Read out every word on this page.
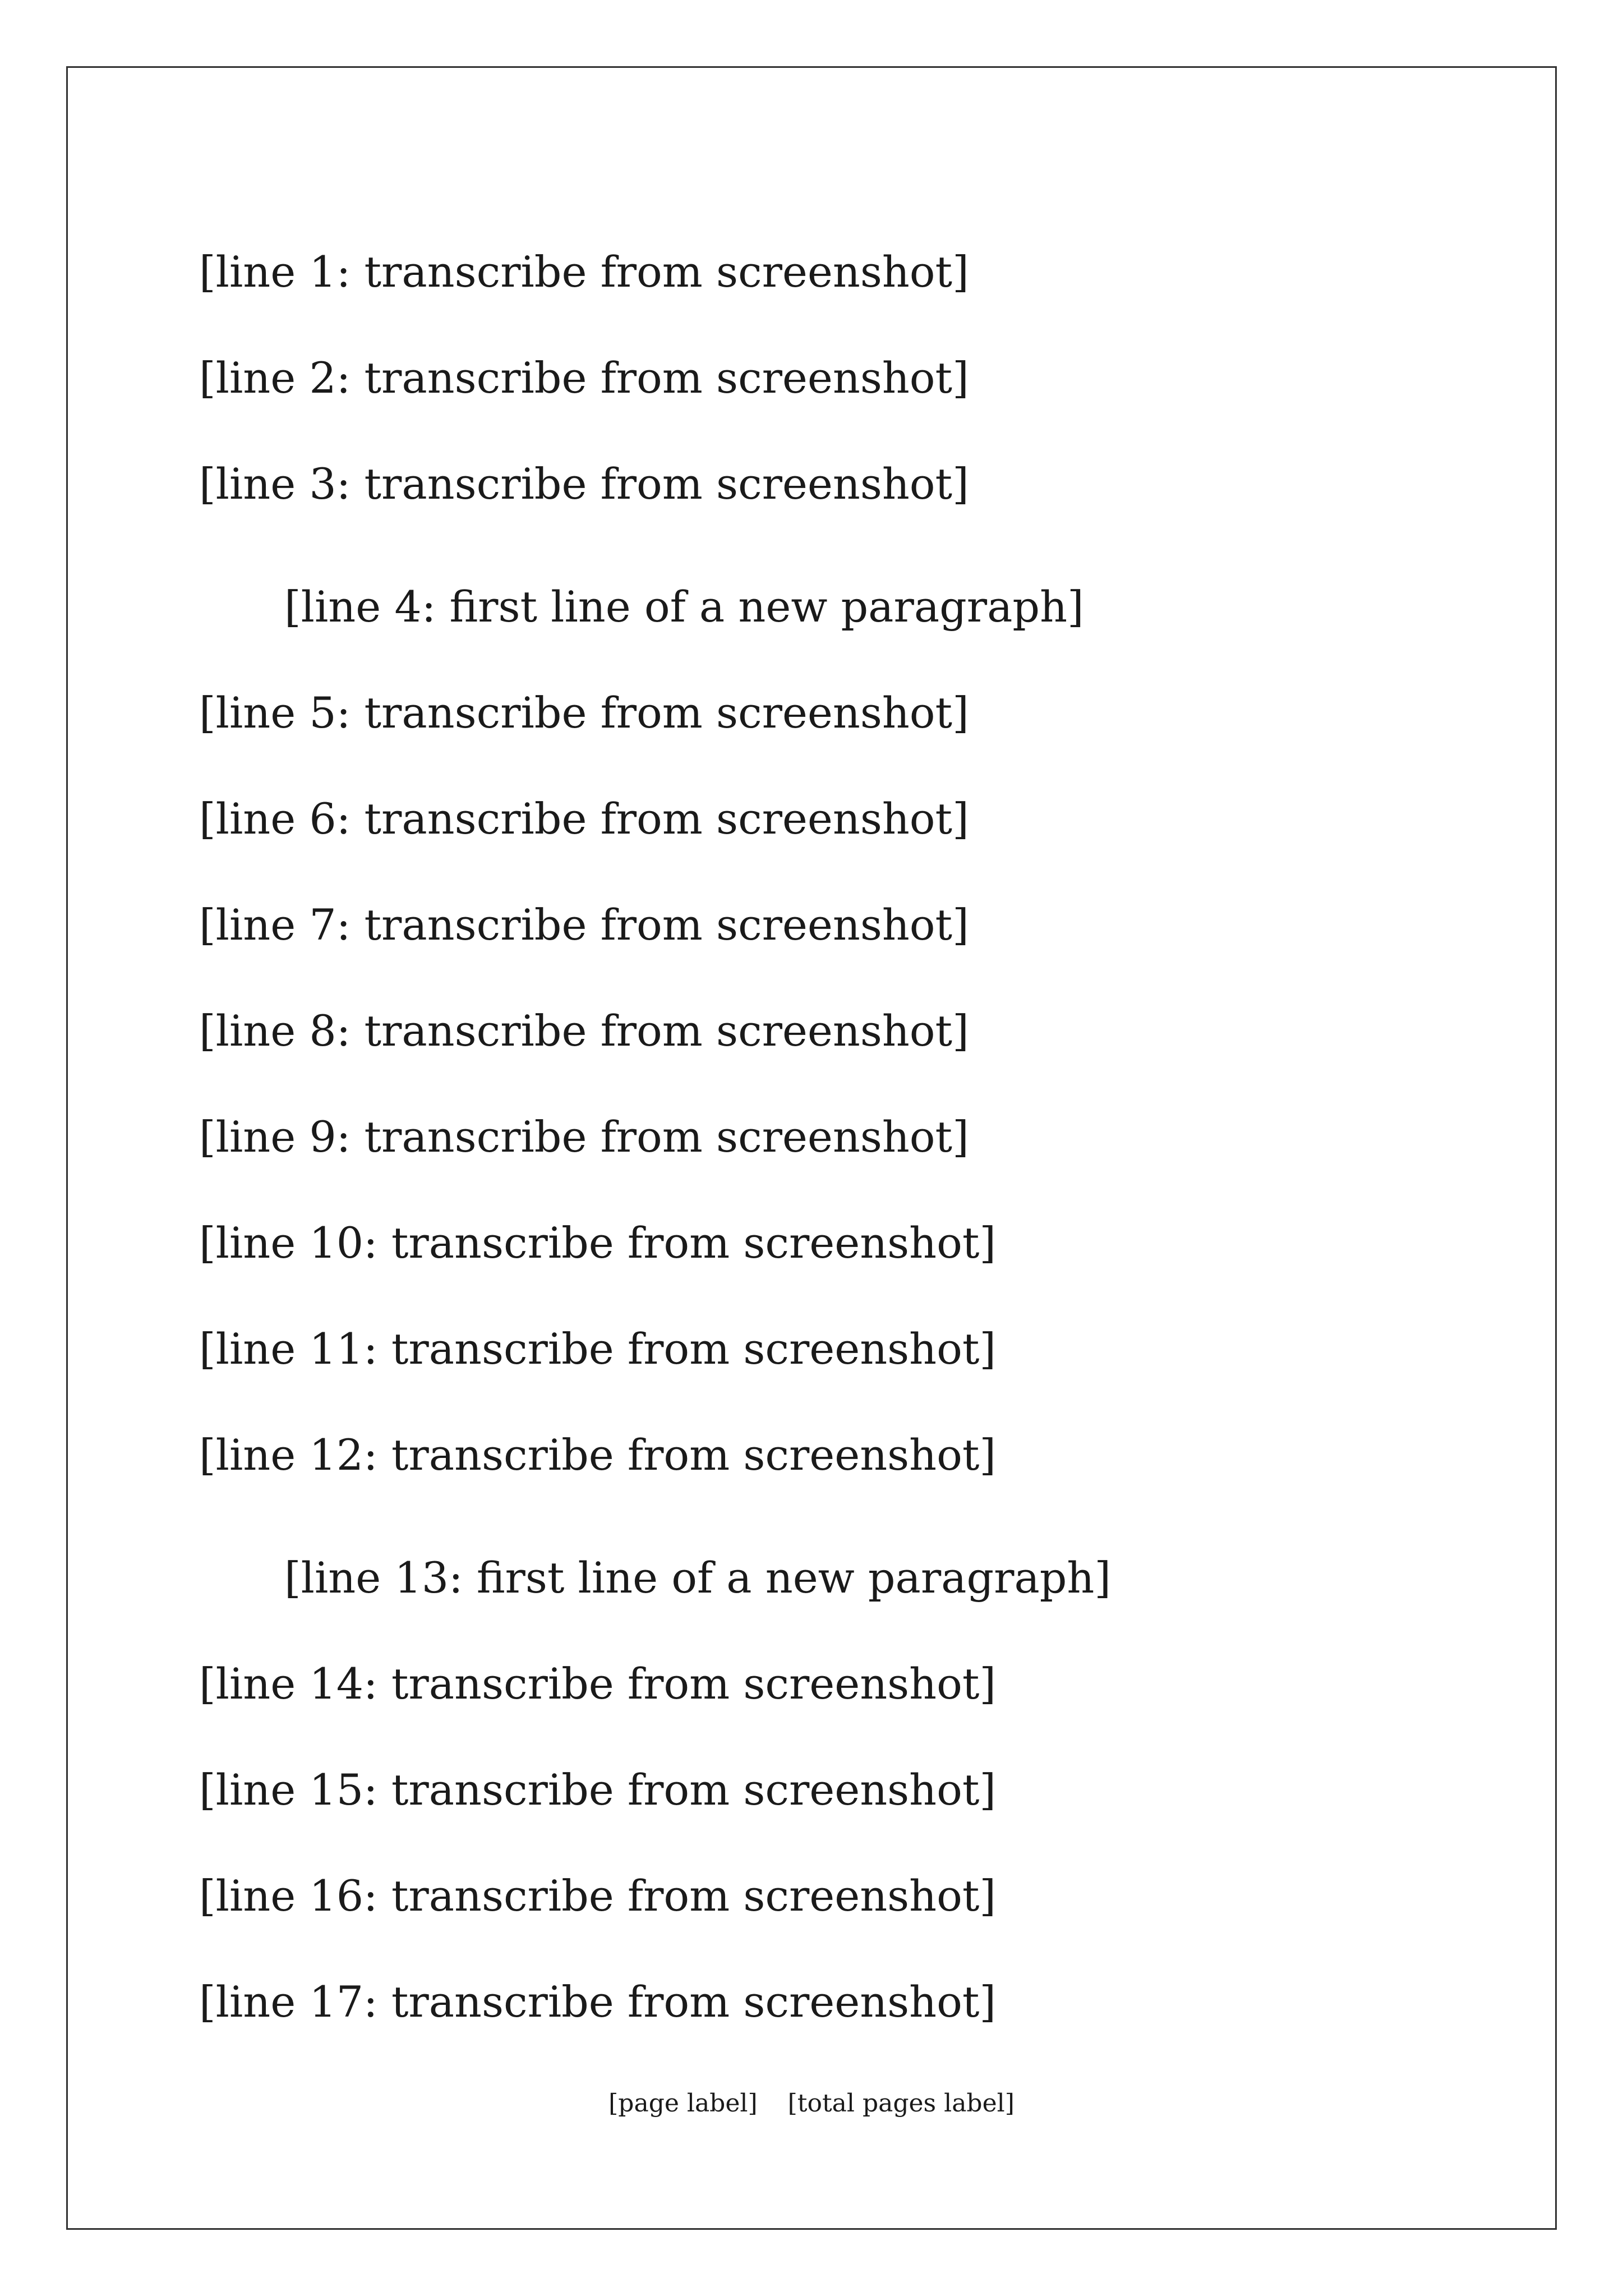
[line 1: transcribe from screenshot]
[line 2: transcribe from screenshot]
[line 3: transcribe from screenshot]
[line 4: first line of a new paragraph]
[line 5: transcribe from screenshot]
[line 6: transcribe from screenshot]
[line 7: transcribe from screenshot]
[line 8: transcribe from screenshot]
[line 9: transcribe from screenshot]
[line 10: transcribe from screenshot]
[line 11: transcribe from screenshot]
[line 12: transcribe from screenshot]
[line 13: first line of a new paragraph]
[line 14: transcribe from screenshot]
[line 15: transcribe from screenshot]
[line 16: transcribe from screenshot]
[line 17: transcribe from screenshot]
[page label] [total pages label]
